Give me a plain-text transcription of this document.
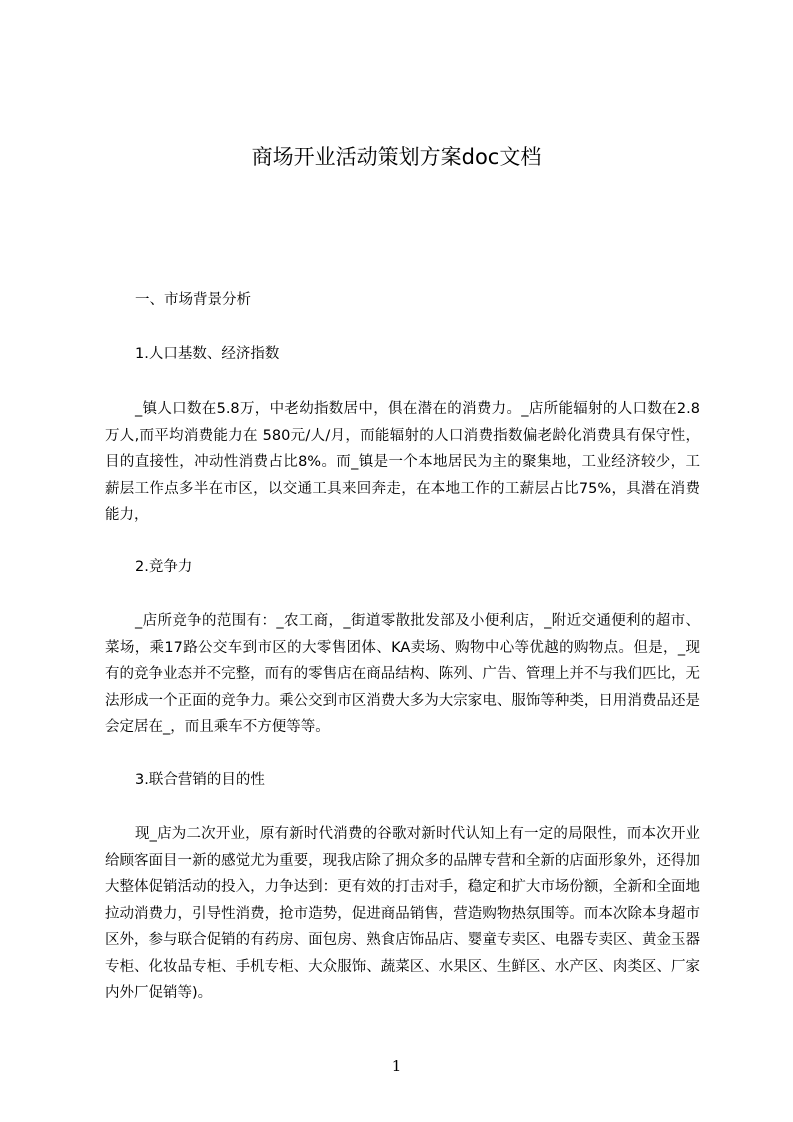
商场开业活动策划方案doc文档

一、市场背景分析

1.人口基数、经济指数

_镇人口数在5.8万，中老幼指数居中，俱在潜在的消费力。_店所能辐射的人口数在2.8万人,而平均消费能力在 580元/人/月，而能辐射的人口消费指数偏老龄化消费具有保守性，目的直接性，冲动性消费占比8%。而_镇是一个本地居民为主的聚集地，工业经济较少，工薪层工作点多半在市区，以交通工具来回奔走，在本地工作的工薪层占比75%，具潜在消费能力，

2.竞争力

_店所竞争的范围有：_农工商，_街道零散批发部及小便利店，_附近交通便利的超市、菜场，乘17路公交车到市区的大零售团体、KA卖场、购物中心等优越的购物点。但是，_现有的竞争业态并不完整，而有的零售店在商品结构、陈列、广告、管理上并不与我们匹比，无法形成一个正面的竞争力。乘公交到市区消费大多为大宗家电、服饰等种类，日用消费品还是会定居在_，而且乘车不方便等等。

3.联合营销的目的性

现_店为二次开业，原有新时代消费的谷歌对新时代认知上有一定的局限性，而本次开业给顾客面目一新的感觉尤为重要，现我店除了拥众多的品牌专营和全新的店面形象外，还得加大整体促销活动的投入，力争达到：更有效的打击对手，稳定和扩大市场份额，全新和全面地拉动消费力，引导性消费，抢市造势，促进商品销售，营造购物热氛围等。而本次除本身超市区外，参与联合促销的有药房、面包房、熟食店饰品店、婴童专卖区、电器专卖区、黄金玉器专柜、化妆品专柜、手机专柜、大众服饰、蔬菜区、水果区、生鲜区、水产区、肉类区、厂家内外厂促销等)。

1
